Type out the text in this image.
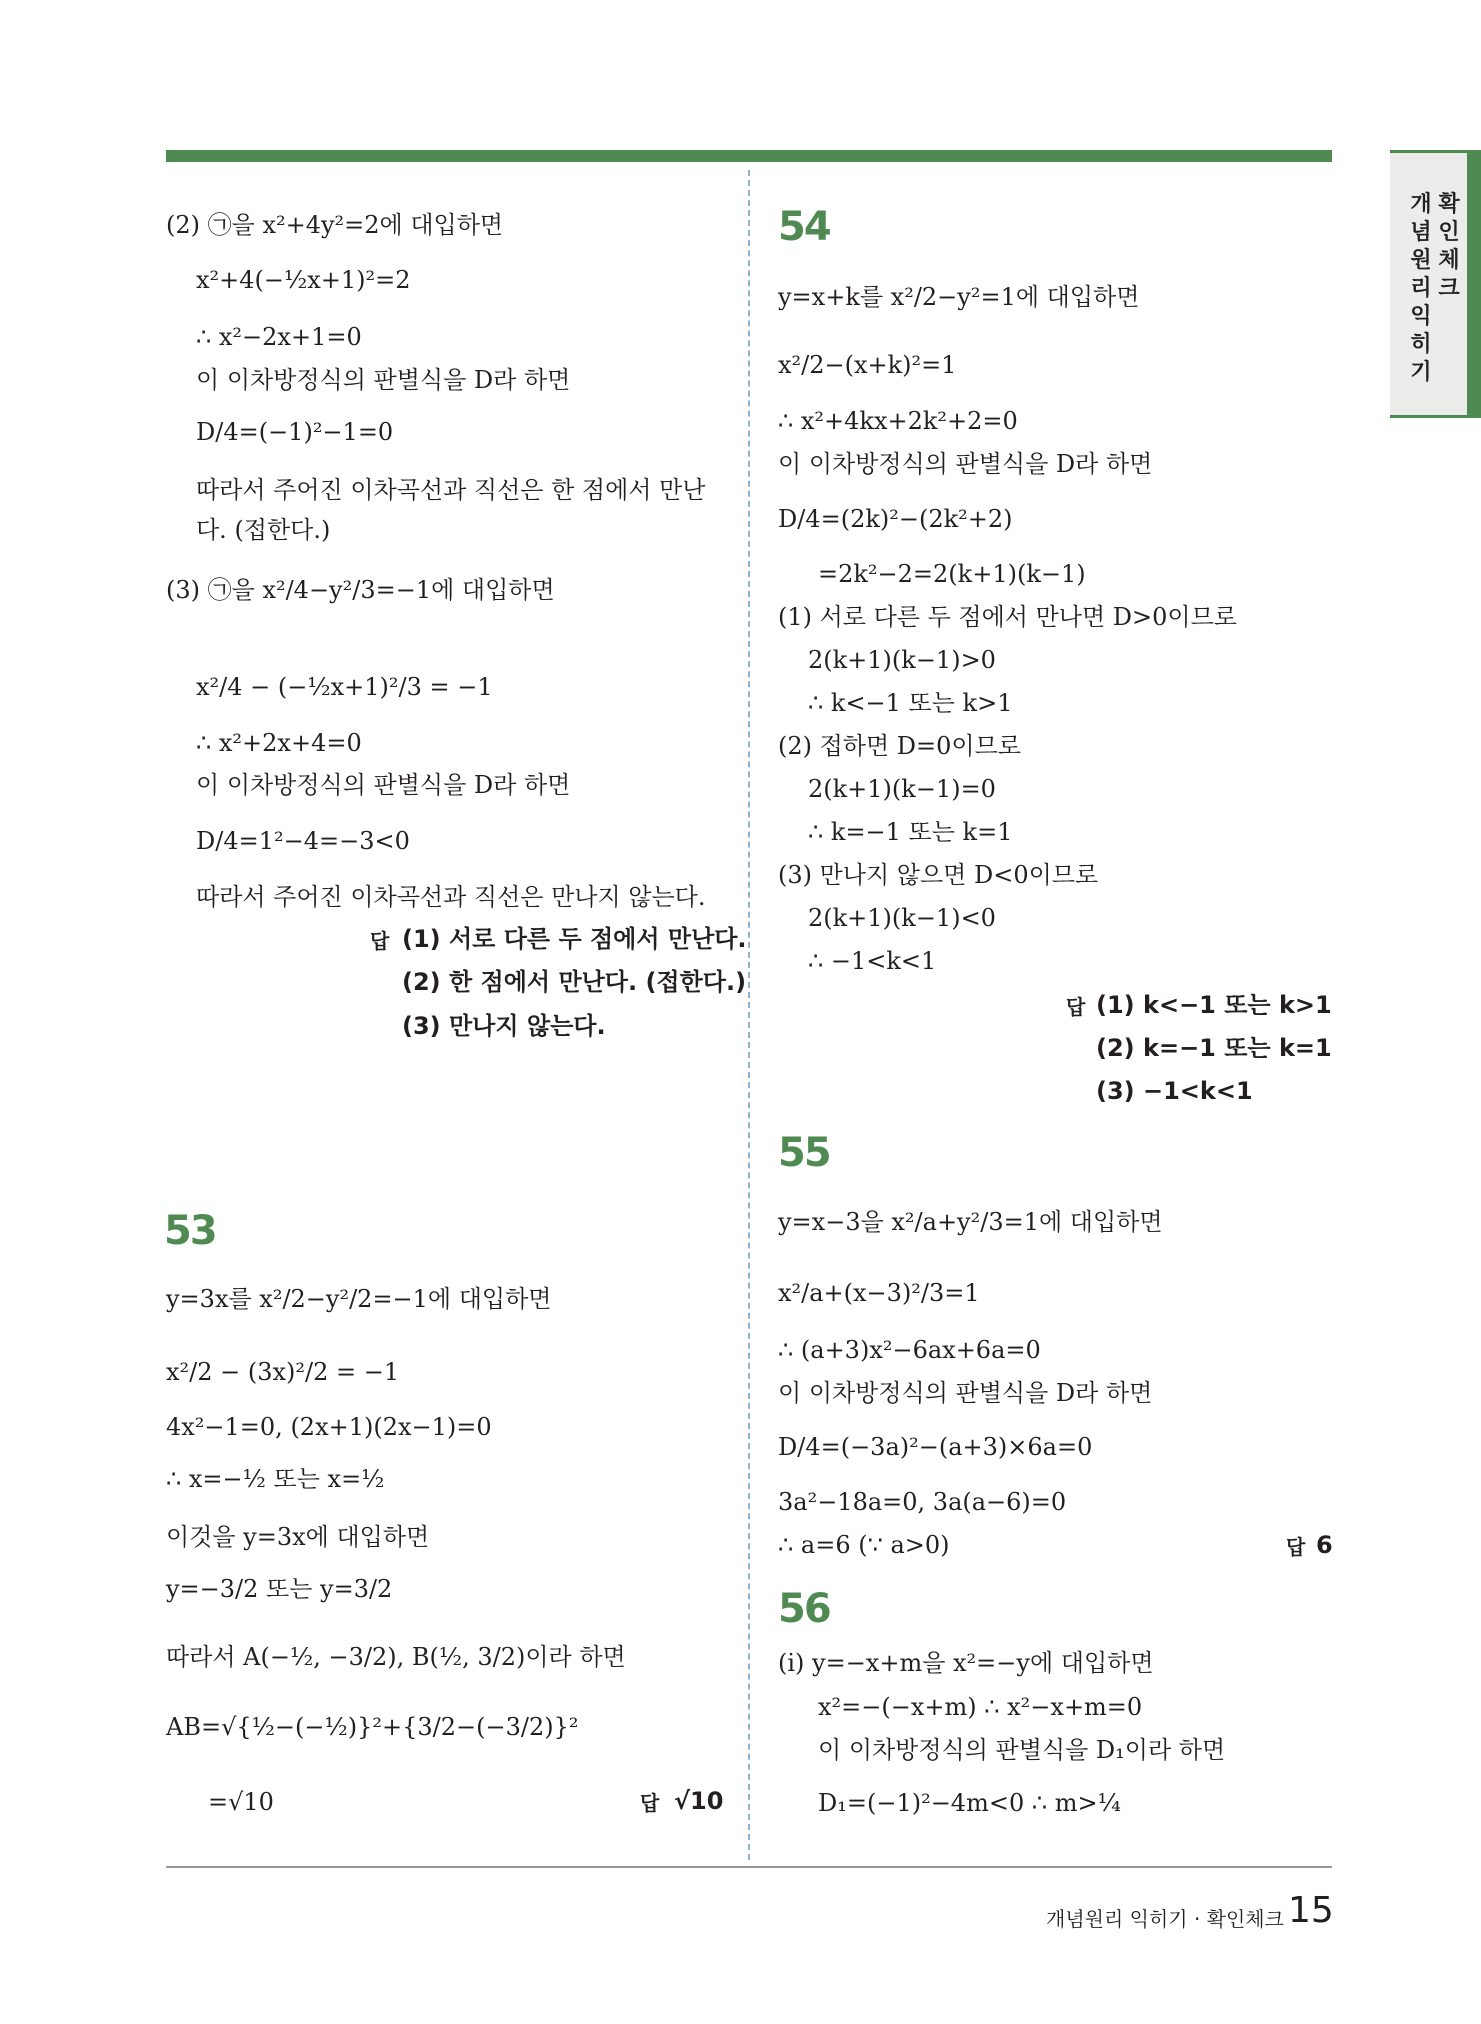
개념원리익히기
확인체크
(2) ㉠을 x²+4y²=2에 대입하면
x²+4(−½x+1)²=2
∴ x²−2x+1=0
이 이차방정식의 판별식을 D라 하면
D/4=(−1)²−1=0
따라서 주어진 이차곡선과 직선은 한 점에서 만난
다. (접한다.)
(3) ㉠을 x²/4−y²/3=−1에 대입하면
x²/4 − (−½x+1)²/3 = −1
∴ x²+2x+4=0
이 이차방정식의 판별식을 D라 하면
D/4=1²−4=−3<0
따라서 주어진 이차곡선과 직선은 만나지 않는다.
답 (1) 서로 다른 두 점에서 만난다.
(2) 한 점에서 만난다. (접한다.)
(3) 만나지 않는다.
53
y=3x를 x²/2−y²/2=−1에 대입하면
x²/2 − (3x)²/2 = −1
4x²−1=0, (2x+1)(2x−1)=0
∴ x=−½ 또는 x=½
이것을 y=3x에 대입하면
y=−3/2 또는 y=3/2
따라서 A(−½, −3/2), B(½, 3/2)이라 하면
AB=√{½−(−½)}²+{3/2−(−3/2)}²
=√10	답 √10
54
y=x+k를 x²/2−y²=1에 대입하면
x²/2−(x+k)²=1
∴ x²+4kx+2k²+2=0
이 이차방정식의 판별식을 D라 하면
D/4=(2k)²−(2k²+2)
=2k²−2=2(k+1)(k−1)
(1) 서로 다른 두 점에서 만나면 D>0이므로
2(k+1)(k−1)>0
∴ k<−1 또는 k>1
(2) 접하면 D=0이므로
2(k+1)(k−1)=0
∴ k=−1 또는 k=1
(3) 만나지 않으면 D<0이므로
2(k+1)(k−1)<0
∴ −1<k<1
답 (1) k<−1 또는 k>1
(2) k=−1 또는 k=1
(3) −1<k<1
55
y=x−3을 x²/a+y²/3=1에 대입하면
x²/a+(x−3)²/3=1
∴ (a+3)x²−6ax+6a=0
이 이차방정식의 판별식을 D라 하면
D/4=(−3a)²−(a+3)×6a=0
3a²−18a=0, 3a(a−6)=0
∴ a=6 (∵ a>0)	답 6
56
(i) y=−x+m을 x²=−y에 대입하면
x²=−(−x+m) ∴ x²−x+m=0
이 이차방정식의 판별식을 D₁이라 하면
D₁=(−1)²−4m<0 ∴ m>¼
개념원리 익히기 · 확인체크 15
